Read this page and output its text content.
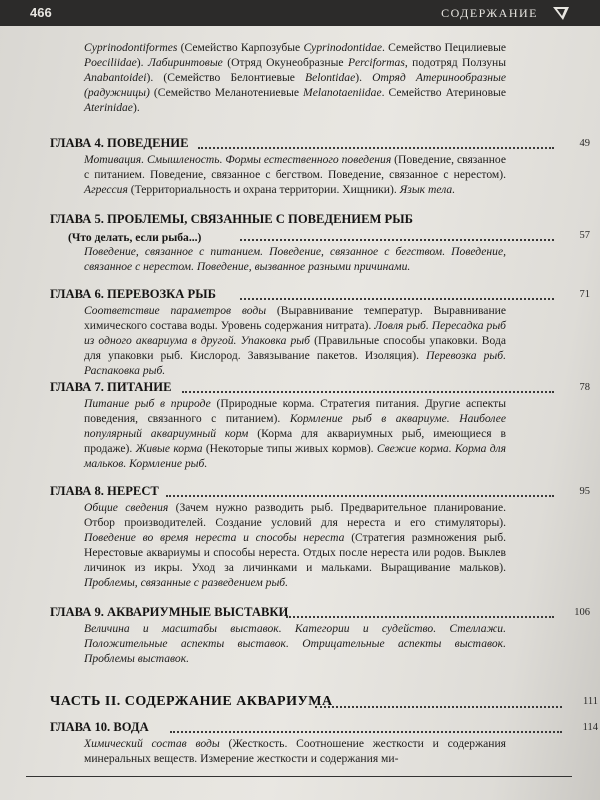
466	СОДЕРЖАНИЕ
Cyprinodontiformes (Семейство Карпозубые Cyprinodontidae. Семейство Пецилиевые Poeciliidae). Лабиринтовые (Отряд Окунеобразные Perciformas, подотряд Ползуны Anabantoidei). (Семейство Белонтиевые Belontidae). Отряд Атеринообразные (радужницы) (Семейство Меланотениевые Melanotaeniidae. Семейство Атериновые Aterinidae).
ГЛАВА 4. ПОВЕДЕНИЕ	49
Мотивация. Смышленость. Формы естественного поведения (Поведение, связанное с питанием. Поведение, связанное с бегством. Поведение, связанное с нерестом). Агрессия (Территориальность и охрана территории. Хищники). Язык тела.
ГЛАВА 5. ПРОБЛЕМЫ, СВЯЗАННЫЕ С ПОВЕДЕНИЕМ РЫБ
(Что делать, если рыба...)	57
Поведение, связанное с питанием. Поведение, связанное с бегством. Поведение, связанное с нерестом. Поведение, вызванное разными причинами.
ГЛАВА 6. ПЕРЕВОЗКА РЫБ	71
Соответствие параметров воды (Выравнивание температур. Выравнивание химического состава воды. Уровень содержания нитрата). Ловля рыб. Пересадка рыб из одного аквариума в другой. Упаковка рыб (Правильные способы упаковки. Вода для упаковки рыб. Кислород. Завязывание пакетов. Изоляция). Перевозка рыб. Распаковка рыб.
ГЛАВА 7. ПИТАНИЕ	78
Питание рыб в природе (Природные корма. Стратегия питания. Другие аспекты поведения, связанного с питанием). Кормление рыб в аквариуме. Наиболее популярный аквариумный корм (Корма для аквариумных рыб, имеющиеся в продаже). Живые корма (Некоторые типы живых кормов). Свежие корма. Корма для мальков. Кормление рыб.
ГЛАВА 8. НЕРЕСТ	95
Общие сведения (Зачем нужно разводить рыб. Предварительное планирование. Отбор производителей. Создание условий для нереста и его стимуляторы). Поведение во время нереста и способы нереста (Стратегия размножения рыб. Нерестовые аквариумы и способы нереста. Отдых после нереста или родов. Выклев личинок из икры. Уход за личинками и мальками. Выращивание мальков). Проблемы, связанные с разведением рыб.
ГЛАВА 9. АКВАРИУМНЫЕ ВЫСТАВКИ	106
Величина и масштабы выставок. Категории и судейство. Стеллажи. Положительные аспекты выставок. Отрицательные аспекты выставок. Проблемы выставок.
ЧАСТЬ II. СОДЕРЖАНИЕ АКВАРИУМА	111
ГЛАВА 10. ВОДА	114
Химический состав воды (Жесткость. Соотношение жесткости и содержания минеральных веществ. Измерение жесткости и содержания ми-
